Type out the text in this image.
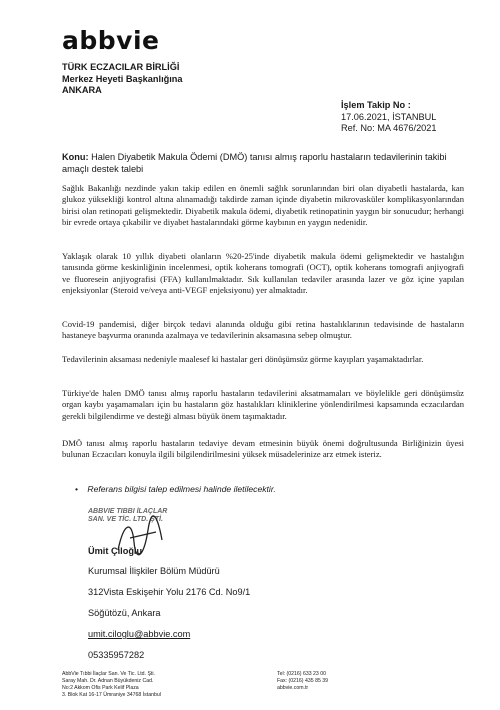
abbvie
TÜRK ECZACILAR BİRLİĞİ
Merkez Heyeti Başkanlığına
ANKARA
İşlem Takip No :
17.06.2021, İSTANBUL
Ref. No: MA 4676/2021
Konu: Halen Diyabetik Makula Ödemi (DMÖ) tanısı almış raporlu hastaların tedavilerinin takibi amaçlı destek talebi
Sağlık Bakanlığı nezdinde yakın takip edilen en önemli sağlık sorunlarından biri olan diyabetli hastalarda, kan glukoz yüksekliği kontrol altına alınamadığı takdirde zaman içinde diyabetin mikrovasküler komplikasyonlarından birisi olan retinopati gelişmektedir. Diyabetik makula ödemi, diyabetik retinopatinin yaygın bir sonucudur; herhangi bir evrede ortaya çıkabilir ve diyabet hastalarındaki görme kaybının en yaygın nedenidir.
Yaklaşık olarak 10 yıllık diyabeti olanların %20-25'inde diyabetik makula ödemi gelişmektedir ve hastalığın tanısında görme keskinliğinin incelenmesi, optik koherans tomografi (OCT), optik koherans tomografi anjiyografi ve fluoresein anjiyografisi (FFA) kullanılmaktadır. Sık kullanılan tedaviler arasında lazer ve göz içine yapılan enjeksiyonlar (Steroid ve/veya anti-VEGF enjeksiyonu) yer almaktadır.
Covid-19 pandemisi, diğer birçok tedavi alanında olduğu gibi retina hastalıklarının tedavisinde de hastaların hastaneye başvurma oranında azalmaya ve tedavilerinin aksamasına sebep olmuştur.
Tedavilerinin aksaması nedeniyle maalesef ki hastalar geri dönüşümsüz görme kayıpları yaşamaktadırlar.
Türkiye'de halen DMÖ tanısı almış raporlu hastaların tedavilerini aksatmamaları ve böylelikle geri dönüşümsüz organ kaybı yaşamamaları için bu hastaların göz hastalıkları kliniklerine yönlendirilmesi kapsamında eczacılardan gerekli bilgilendirme ve desteği alması büyük önem taşımaktadır.
DMÖ tanısı almış raporlu hastaların tedaviye devam etmesinin büyük önemi doğrultusunda Birliğinizin üyesi bulunan Eczacıları konuyla ilgili bilgilendirilmesini yüksek müsadelerinize arz etmek isteriz.
• Referans bilgisi talep edilmesi halinde iletilecektir.
ABBVIE TIBBI İLAÇLAR
SAN. VE TİC. LTD. ŞTİ.
Ümit Çiloğlu
Kurumsal İlişkiler Bölüm Müdürü
312Vista Eskişehir Yolu 2176 Cd. No9/1
Söğütözü, Ankara
umit.ciloglu@abbvie.com
05335957282
AbbVie Tıbbi İlaçlar San. Ve Tic. Ltd. Şti.
Saray Mah. Dr. Adnan Büyükdeniz Cad.
No:2 Akkom Ofis Park Kelif Plaza
3. Blok Kat 16-17 Ümraniye 34768 İstanbul
Tel: (0216) 633 23 00
Fax: (0216) 435 85 39
abbvie.com.tr
